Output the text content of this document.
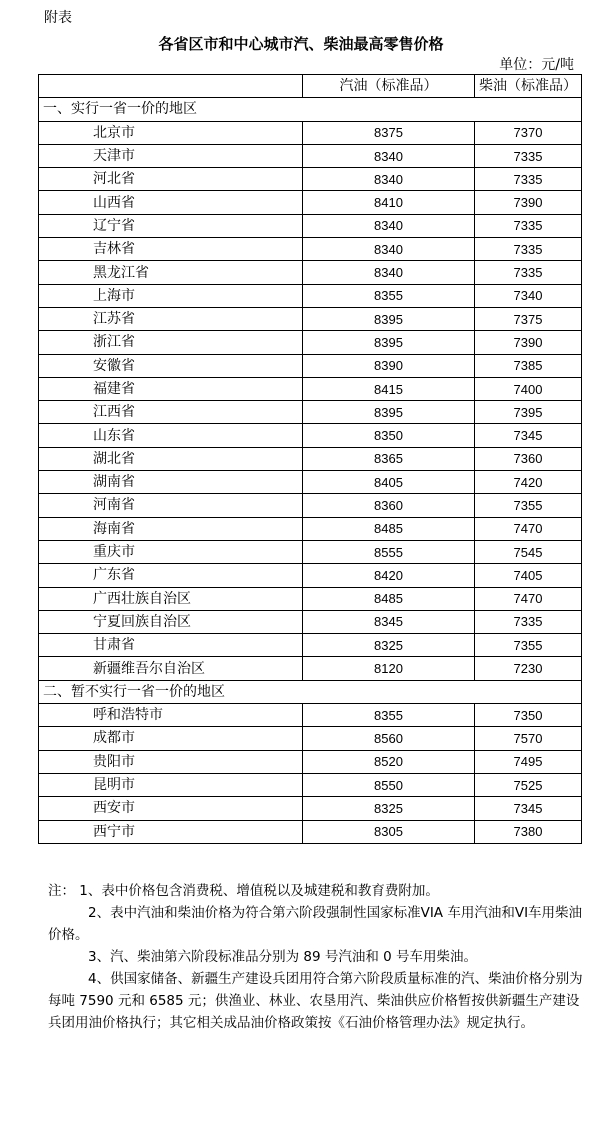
附表
各省区市和中心城市汽、柴油最高零售价格
单位：元/吨
	汽油（标准品）	柴油（标准品）
一、实行一省一价的地区		
北京市	8375	7370
天津市	8340	7335
河北省	8340	7335
山西省	8410	7390
辽宁省	8340	7335
吉林省	8340	7335
黑龙江省	8340	7335
上海市	8355	7340
江苏省	8395	7375
浙江省	8395	7390
安徽省	8390	7385
福建省	8415	7400
江西省	8395	7395
山东省	8350	7345
湖北省	8365	7360
湖南省	8405	7420
河南省	8360	7355
海南省	8485	7470
重庆市	8555	7545
广东省	8420	7405
广西壮族自治区	8485	7470
宁夏回族自治区	8345	7335
甘肃省	8325	7355
新疆维吾尔自治区	8120	7230
二、暂不实行一省一价的地区		
呼和浩特市	8355	7350
成都市	8560	7570
贵阳市	8520	7495
昆明市	8550	7525
西安市	8325	7345
西宁市	8305	7380

注： 1、表中价格包含消费税、增值税以及城建税和教育费附加。

2、表中汽油和柴油价格为符合第六阶段强制性国家标准VIA 车用汽油和VI车用柴油价格。

3、汽、柴油第六阶段标准品分别为 89 号汽油和 0 号车用柴油。

4、供国家储备、新疆生产建设兵团用符合第六阶段质量标准的汽、柴油价格分别为每吨 7590 元和 6585 元；供渔业、林业、农垦用汽、柴油供应价格暂按供新疆生产建设兵团用油价格执行；其它相关成品油价格政策按《石油价格管理办法》规定执行。
